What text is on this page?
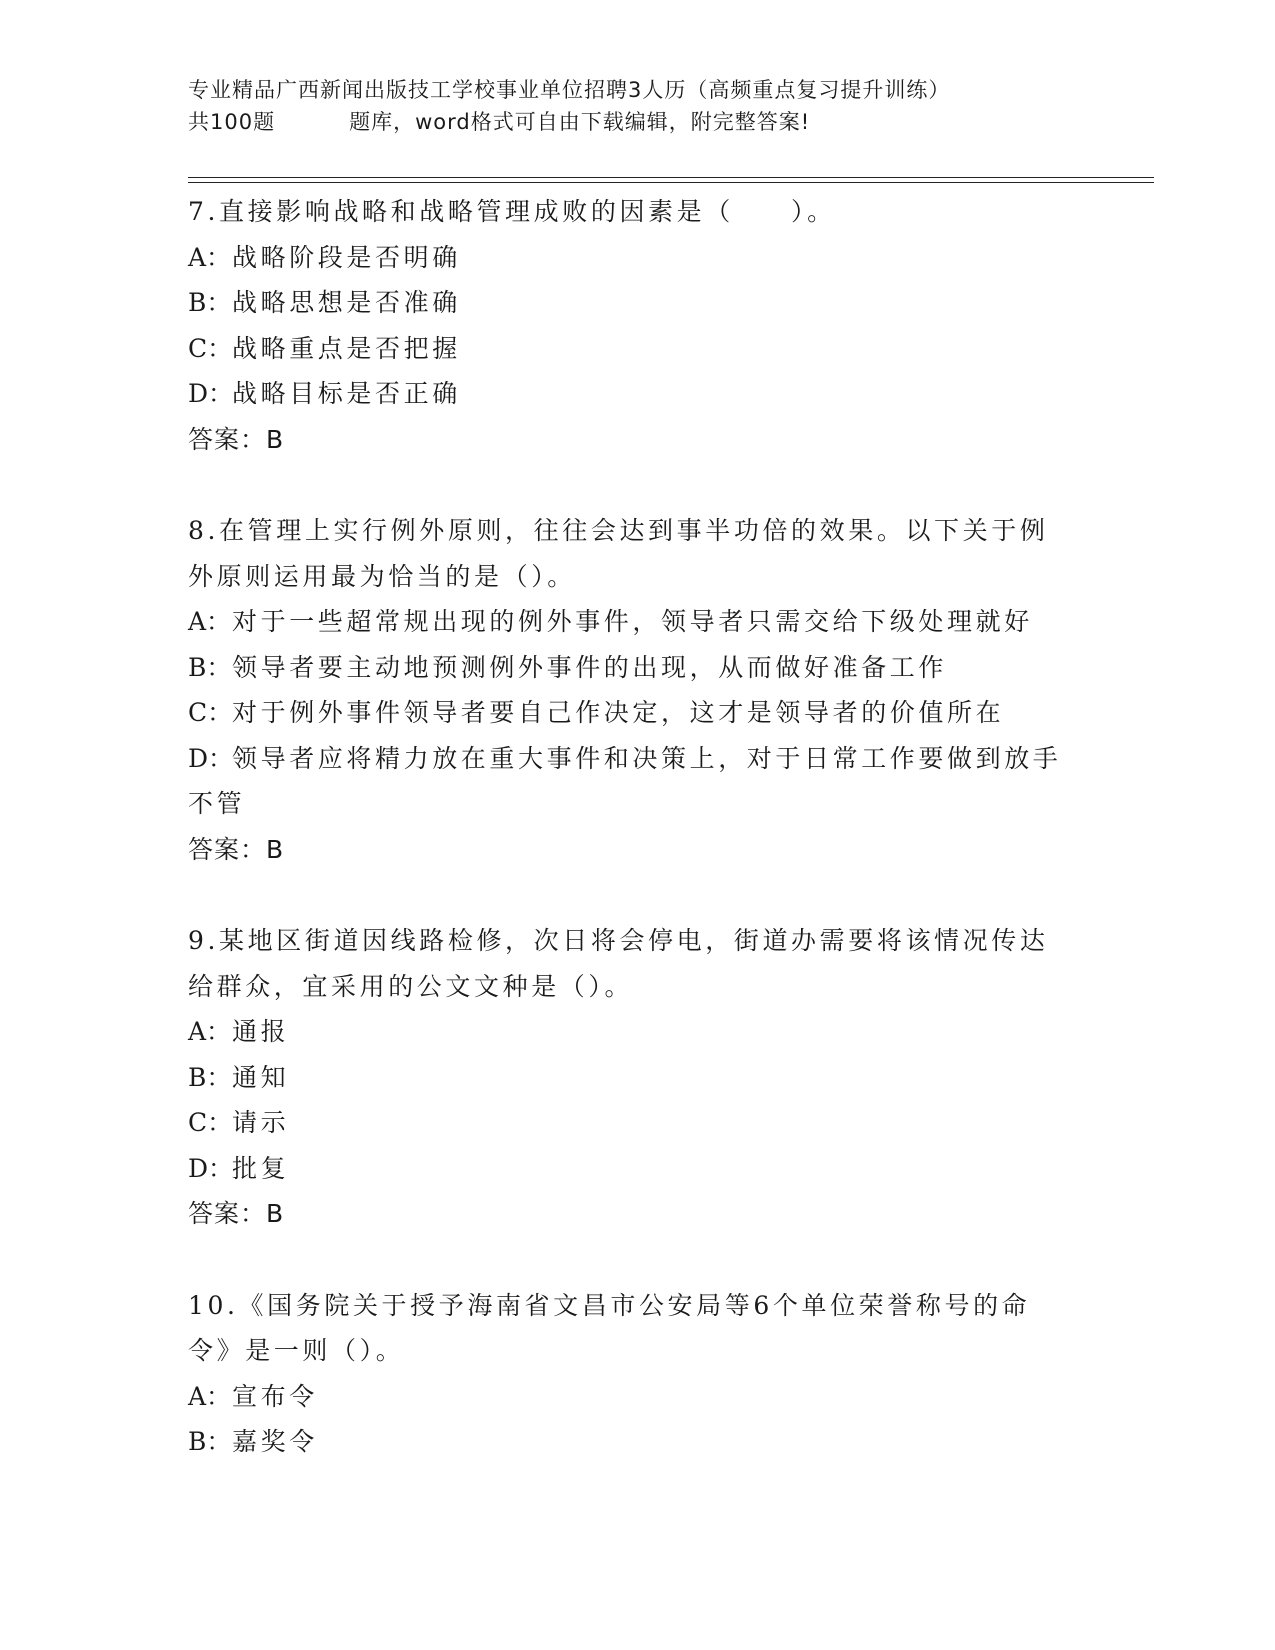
专业精品广西新闻出版技工学校事业单位招聘3人历（高频重点复习提升训练）
共100题	题库，word格式可自由下载编辑，附完整答案!

7.直接影响战略和战略管理成败的因素是（　　）。

A：战略阶段是否明确

B：战略思想是否准确

C：战略重点是否把握

D：战略目标是否正确

答案：B

8.在管理上实行例外原则，往往会达到事半功倍的效果。以下关于例外原则运用最为恰当的是（）。

A：对于一些超常规出现的例外事件，领导者只需交给下级处理就好

B：领导者要主动地预测例外事件的出现，从而做好准备工作

C：对于例外事件领导者要自己作决定，这才是领导者的价值所在

D：领导者应将精力放在重大事件和决策上，对于日常工作要做到放手不管

答案：B

9.某地区街道因线路检修，次日将会停电，街道办需要将该情况传达给群众，宜采用的公文文种是（）。

A：通报

B：通知

C：请示

D：批复

答案：B

10.《国务院关于授予海南省文昌市公安局等6个单位荣誉称号的命令》是一则（）。

A：宣布令

B：嘉奖令
